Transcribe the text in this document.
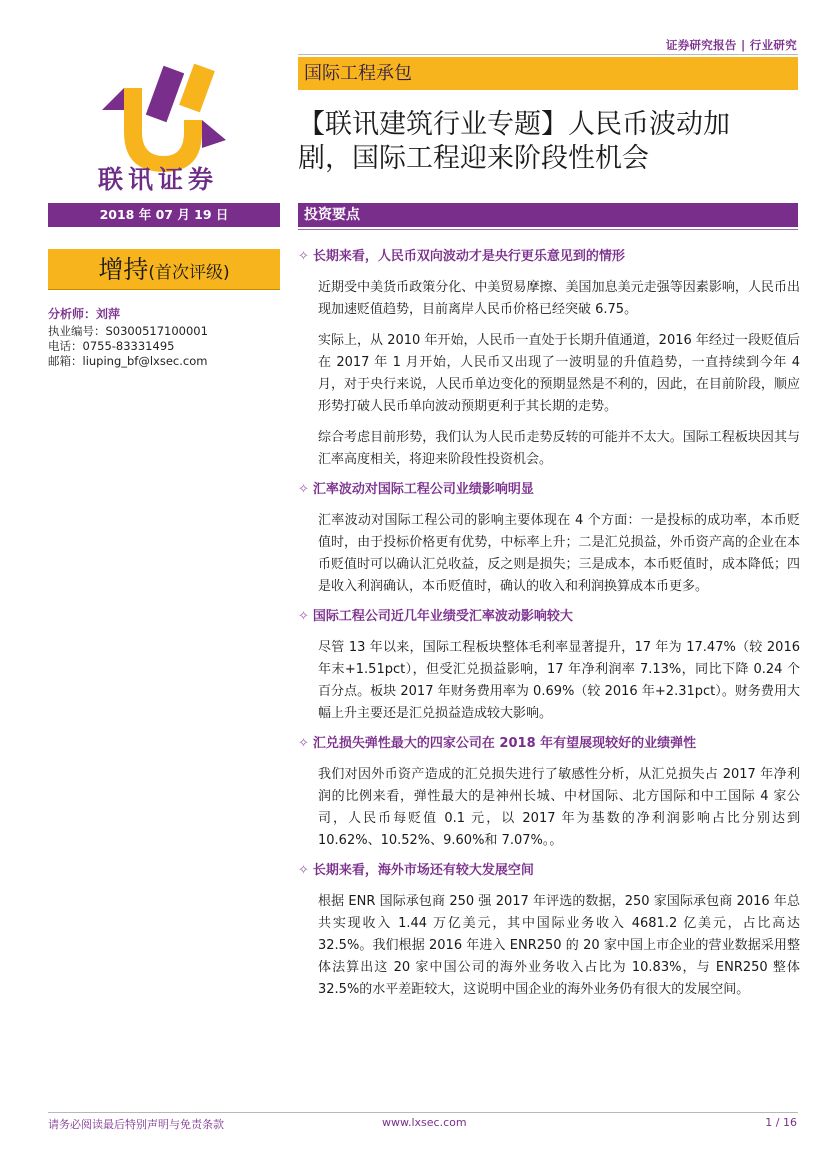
证券研究报告 | 行业研究
联讯证券
国际工程承包
【联讯建筑行业专题】人民币波动加
剧，国际工程迎来阶段性机会
2018 年 07 月 19 日	投资要点
增持(首次评级)
分析师：刘萍
执业编号：S0300517100001
电话：0755-83331495
邮箱：liuping_bf@lxsec.com
✧ 长期来看，人民币双向波动才是央行更乐意见到的情形
近期受中美货币政策分化、中美贸易摩擦、美国加息美元走强等因素影响，人民币出现加速贬值趋势，目前离岸人民币价格已经突破 6.75。
实际上，从 2010 年开始，人民币一直处于长期升值通道，2016 年经过一段贬值后在 2017 年 1 月开始，人民币又出现了一波明显的升值趋势，一直持续到今年 4 月，对于央行来说，人民币单边变化的预期显然是不利的，因此，在目前阶段，顺应形势打破人民币单向波动预期更利于其长期的走势。
综合考虑目前形势，我们认为人民币走势反转的可能并不太大。国际工程板块因其与汇率高度相关，将迎来阶段性投资机会。
✧ 汇率波动对国际工程公司业绩影响明显
汇率波动对国际工程公司的影响主要体现在 4 个方面：一是投标的成功率，本币贬值时，由于投标价格更有优势，中标率上升；二是汇兑损益，外币资产高的企业在本币贬值时可以确认汇兑收益，反之则是损失；三是成本，本币贬值时，成本降低；四是收入利润确认，本币贬值时，确认的收入和利润换算成本币更多。
✧ 国际工程公司近几年业绩受汇率波动影响较大
尽管 13 年以来，国际工程板块整体毛利率显著提升，17 年为 17.47%（较 2016 年末+1.51pct），但受汇兑损益影响，17 年净利润率 7.13%，同比下降 0.24 个百分点。板块 2017 年财务费用率为 0.69%（较 2016 年+2.31pct）。财务费用大幅上升主要还是汇兑损益造成较大影响。
✧ 汇兑损失弹性最大的四家公司在 2018 年有望展现较好的业绩弹性
我们对因外币资产造成的汇兑损失进行了敏感性分析，从汇兑损失占 2017 年净利润的比例来看，弹性最大的是神州长城、中材国际、北方国际和中工国际 4 家公司，人民币每贬值 0.1 元，以 2017 年为基数的净利润影响占比分别达到 10.62%、10.52%、9.60%和 7.07%。。
✧ 长期来看，海外市场还有较大发展空间
根据 ENR 国际承包商 250 强 2017 年评选的数据，250 家国际承包商 2016 年总共实现收入 1.44 万亿美元，其中国际业务收入 4681.2 亿美元，占比高达 32.5%。我们根据 2016 年进入 ENR250 的 20 家中国上市企业的营业数据采用整体法算出这 20 家中国公司的海外业务收入占比为 10.83%，与 ENR250 整体 32.5%的水平差距较大，这说明中国企业的海外业务仍有很大的发展空间。
请务必阅读最后特别声明与免责条款	www.lxsec.com	1 / 16
